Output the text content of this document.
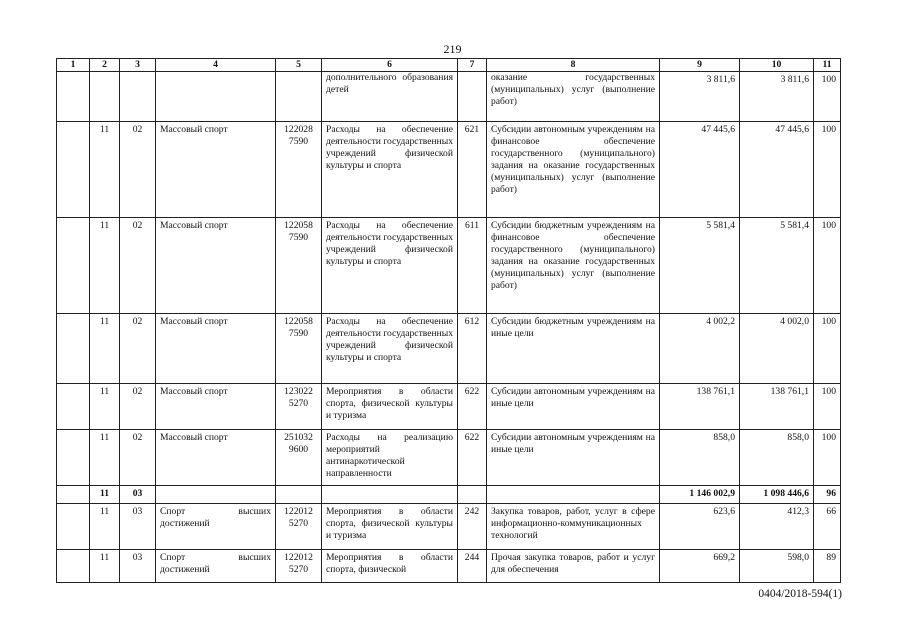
219
1	2	3	4	5	6	7	8	9	10	11
					дополнительного образования детей		оказание государственных (муниципальных) услуг (выполнение работ)	3 811,6	3 811,6	100
	11	02	Массовый спорт	122028 7590	Расходы на обеспечение деятельности государственных учреждений физической культуры и спорта	621	Субсидии автономным учреждениям на финансовое обеспечение государственного (муниципального) задания на оказание государственных (муниципальных) услуг (выполнение работ)	47 445,6	47 445,6	100
	11	02	Массовый спорт	122058 7590	Расходы на обеспечение деятельности государственных учреждений физической культуры и спорта	611	Субсидии бюджетным учреждениям на финансовое обеспечение государственного (муниципального) задания на оказание государственных (муниципальных) услуг (выполнение работ)	5 581,4	5 581,4	100
	11	02	Массовый спорт	122058 7590	Расходы на обеспечение деятельности государственных учреждений физической культуры и спорта	612	Субсидии бюджетным учреждениям на иные цели	4 002,2	4 002,0	100
	11	02	Массовый спорт	123022 5270	Мероприятия в области спорта, физической культуры и туризма	622	Субсидии автономным учреждениям на иные цели	138 761,1	138 761,1	100
	11	02	Массовый спорт	251032 9600	Расходы на реализацию мероприятий антинаркотической направленности	622	Субсидии автономным учреждениям на иные цели	858,0	858,0	100
	11	03						1 146 002,9	1 098 446,6	96
	11	03	Спорт высших достижений	122012 5270	Мероприятия в области спорта, физической культуры и туризма	242	Закупка товаров, работ, услуг в сфере информационно-коммуникационных технологий	623,6	412,3	66
	11	03	Спорт высших достижений	122012 5270	Мероприятия в области спорта, физической	244	Прочая закупка товаров, работ и услуг для обеспечения	669,2	598,0	89
0404/2018-594(1)
